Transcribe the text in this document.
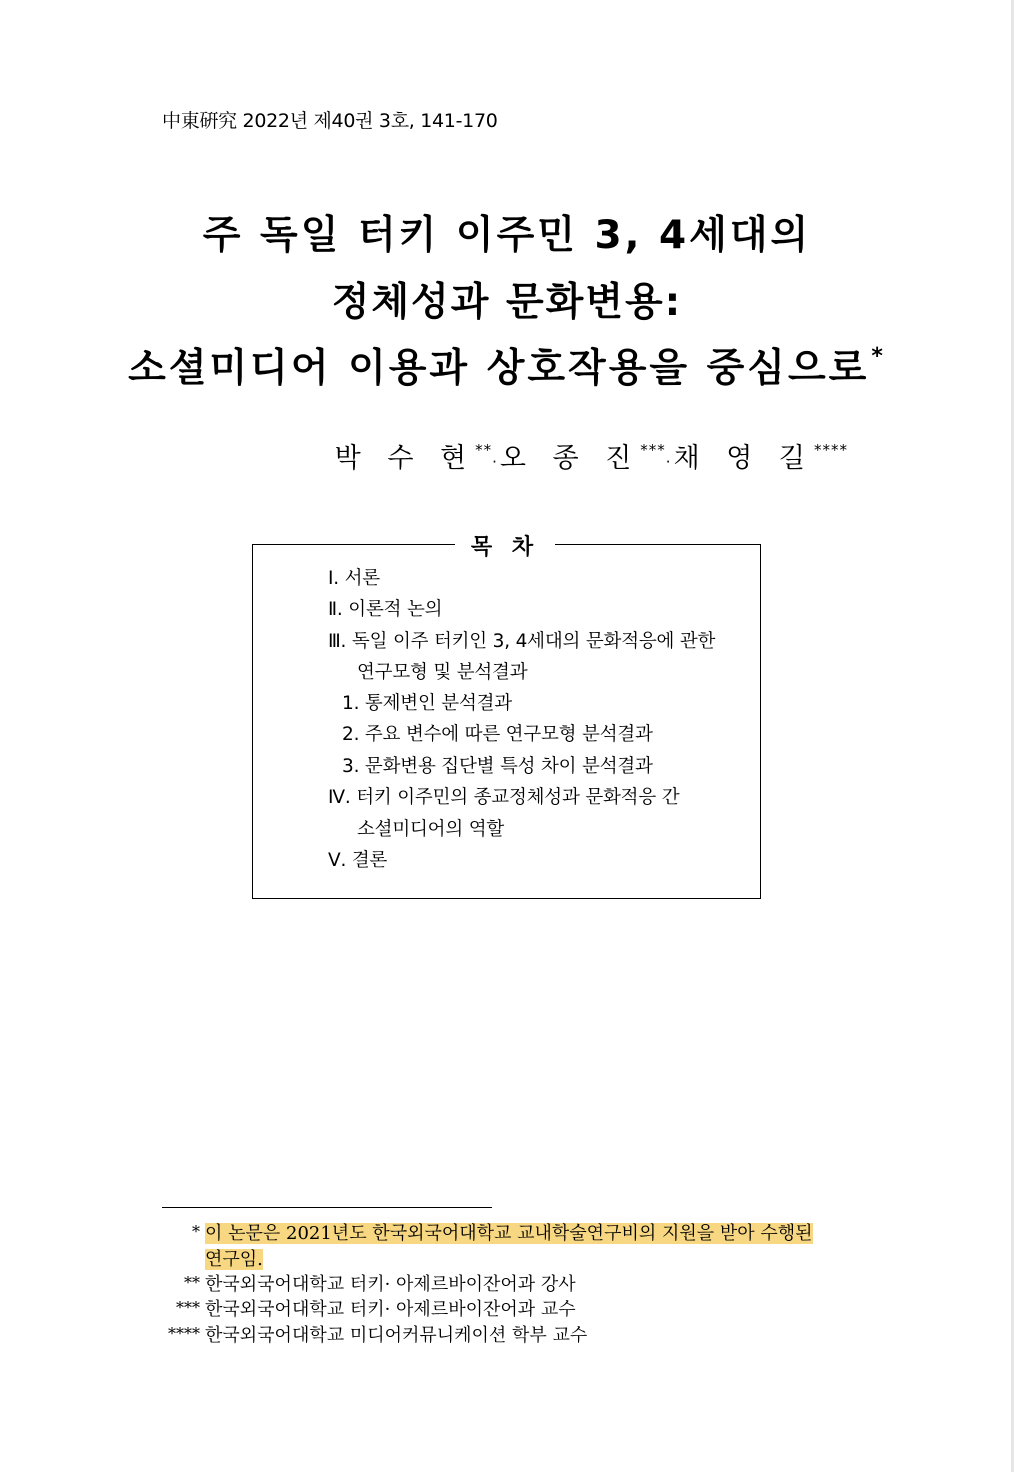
中東硏究 2022년 제40권 3호, 141-170
주 독일 터키 이주민 3, 4세대의
정체성과 문화변용:
소셜미디어 이용과 상호작용을 중심으로*
박 수 현**·오 종 진***·채 영 길****
목 차
Ⅰ. 서론
Ⅱ. 이론적 논의
Ⅲ. 독일 이주 터키인 3, 4세대의 문화적응에 관한
연구모형 및 분석결과
1. 통제변인 분석결과
2. 주요 변수에 따른 연구모형 분석결과
3. 문화변용 집단별 특성 차이 분석결과
Ⅳ. 터키 이주민의 종교정체성과 문화적응 간
소셜미디어의 역할
Ⅴ. 결론
* 이 논문은 2021년도 한국외국어대학교 교내학술연구비의 지원을 받아 수행된
연구임.
** 한국외국어대학교 터키· 아제르바이잔어과 강사
*** 한국외국어대학교 터키· 아제르바이잔어과 교수
**** 한국외국어대학교 미디어커뮤니케이션 학부 교수
